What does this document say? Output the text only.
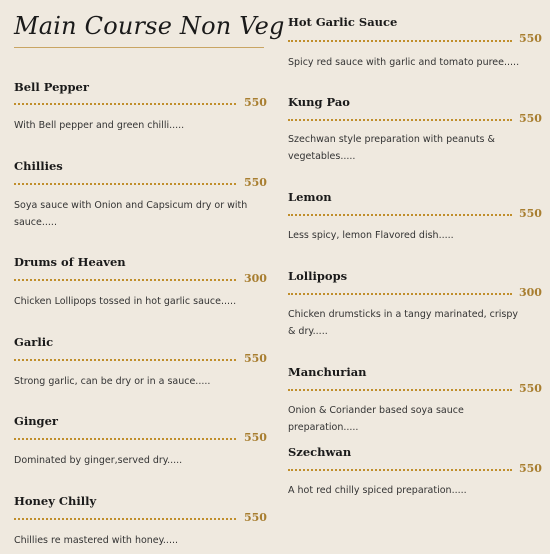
Main Course Non Veg
Bell Pepper
550
With Bell pepper and green chilli.....
Chillies
550
Soya sauce with Onion and Capsicum dry or with sauce.....
Drums of Heaven
300
Chicken Lollipops tossed in hot garlic sauce.....
Garlic
550
Strong garlic, can be dry or in a sauce.....
Ginger
550
Dominated by ginger,served dry.....
Honey Chilly
550
Chillies re mastered with honey.....
Hot Garlic Sauce
550
Spicy red sauce with garlic and tomato puree.....
Kung Pao
550
Szechwan style preparation with peanuts & vegetables.....
Lemon
550
Less spicy, lemon Flavored dish.....
Lollipops
300
Chicken drumsticks in a tangy marinated, crispy & dry.....
Manchurian
550
Onion & Coriander based soya sauce preparation.....
Szechwan
550
A hot red chilly spiced preparation.....
